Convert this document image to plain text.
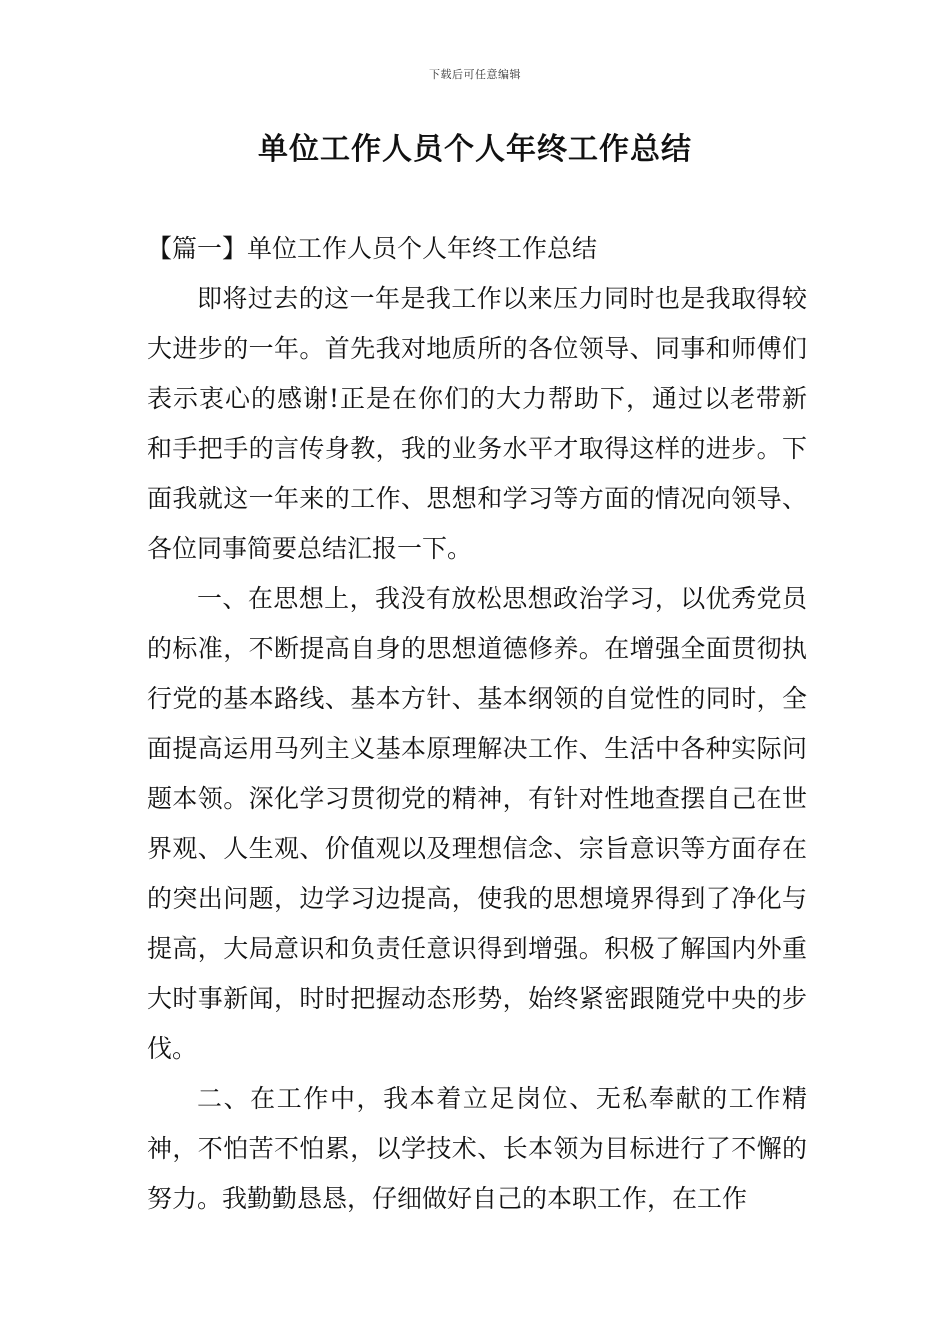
下载后可任意编辑
单位工作人员个人年终工作总结

【篇一】单位工作人员个人年终工作总结

即将过去的这一年是我工作以来压力同时也是我取得较大进步的一年。首先我对地质所的各位领导、同事和师傅们表示衷心的感谢!正是在你们的大力帮助下，通过以老带新和手把手的言传身教，我的业务水平才取得这样的进步。下面我就这一年来的工作、思想和学习等方面的情况向领导、各位同事简要总结汇报一下。

一、在思想上，我没有放松思想政治学习，以优秀党员的标准，不断提高自身的思想道德修养。在增强全面贯彻执行党的基本路线、基本方针、基本纲领的自觉性的同时，全面提高运用马列主义基本原理解决工作、生活中各种实际问题本领。深化学习贯彻党的精神，有针对性地查摆自己在世界观、人生观、价值观以及理想信念、宗旨意识等方面存在的突出问题，边学习边提高，使我的思想境界得到了净化与提高，大局意识和负责任意识得到增强。积极了解国内外重大时事新闻，时时把握动态形势，始终紧密跟随党中央的步伐。

二、在工作中，我本着立足岗位、无私奉献的工作精神，不怕苦不怕累，以学技术、长本领为目标进行了不懈的努力。我勤勤恳恳，仔细做好自己的本职工作，在工作
